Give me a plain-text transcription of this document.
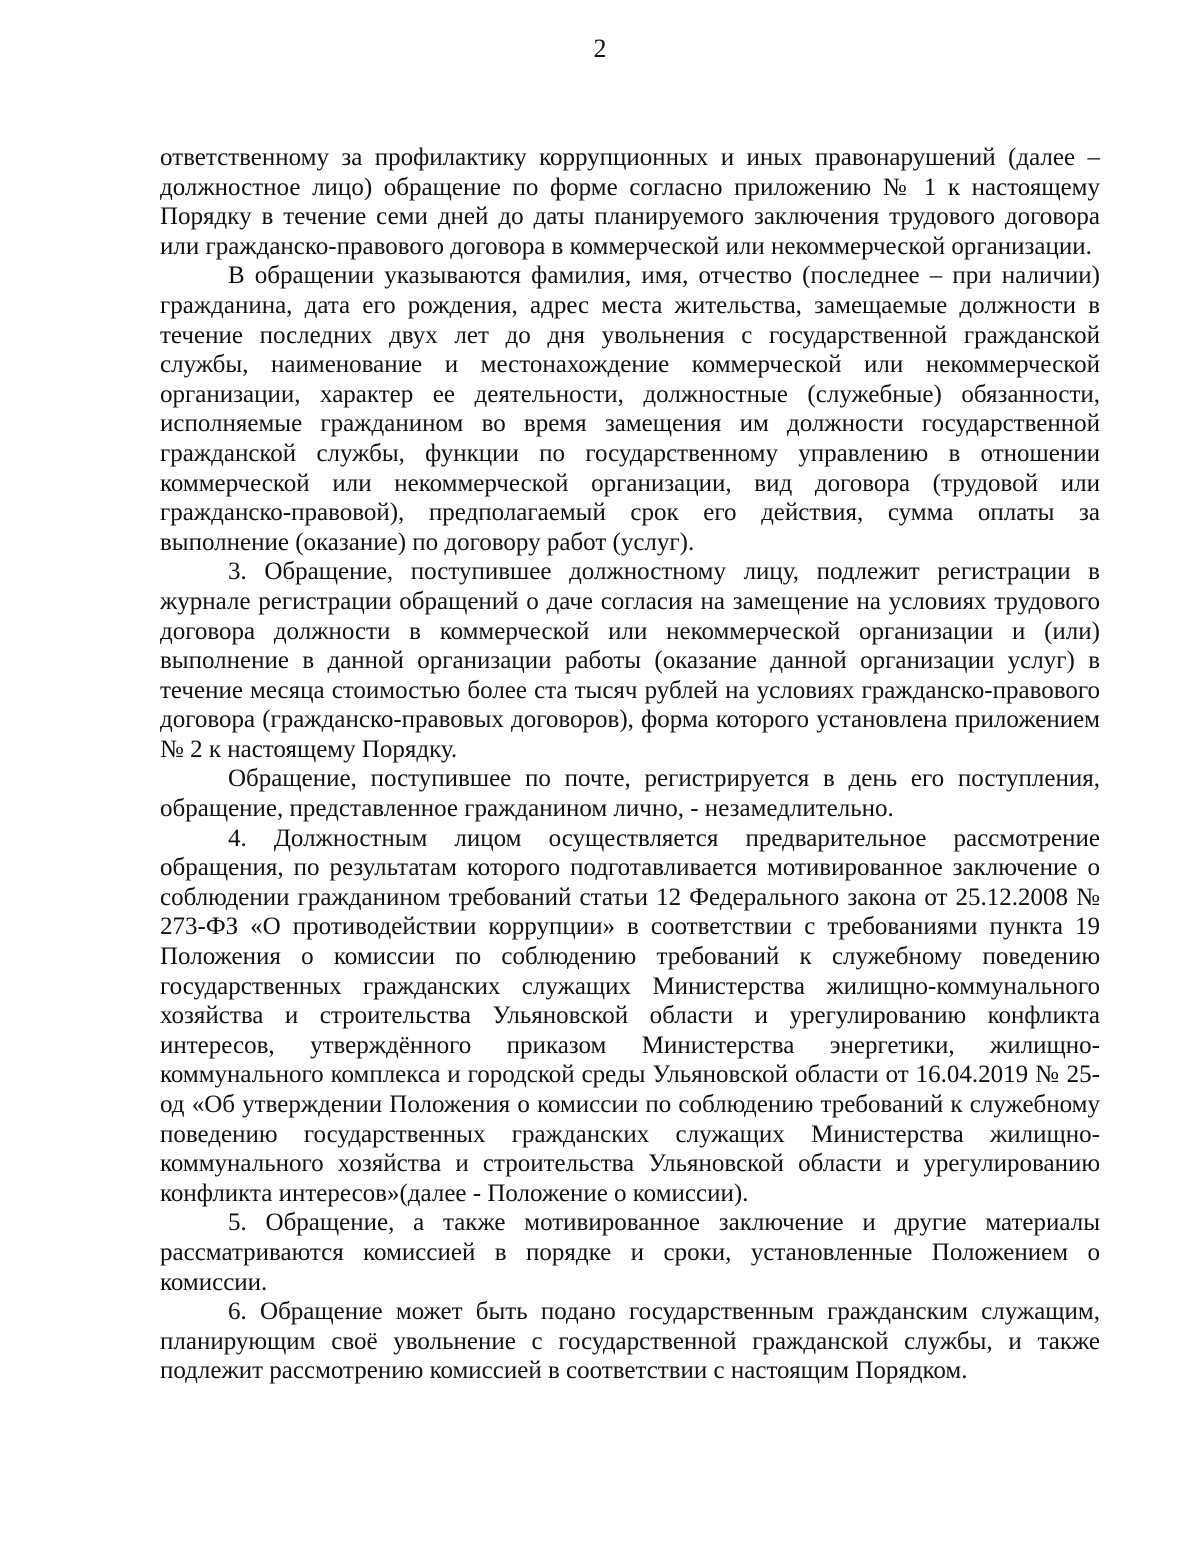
2

ответственному за профилактику коррупционных и иных правонарушений (далее – должностное лицо) обращение по форме согласно приложению № 1 к настоящему Порядку в течение семи дней до даты планируемого заключения трудового договора или гражданско-правового договора в коммерческой или некоммерческой организации.

В обращении указываются фамилия, имя, отчество (последнее – при наличии) гражданина, дата его рождения, адрес места жительства, замещаемые должности в течение последних двух лет до дня увольнения с государственной гражданской службы, наименование и местонахождение коммерческой или некоммерческой организации, характер ее деятельности, должностные (служебные) обязанности, исполняемые гражданином во время замещения им должности государственной гражданской службы, функции по государственному управлению в отношении коммерческой или некоммерческой организации, вид договора (трудовой или гражданско-правовой), предполагаемый срок его действия, сумма оплаты за выполнение (оказание) по договору работ (услуг).

3. Обращение, поступившее должностному лицу, подлежит регистрации в журнале регистрации обращений о даче согласия на замещение на условиях трудового договора должности в коммерческой или некоммерческой организации и (или) выполнение в данной организации работы (оказание данной организации услуг) в течение месяца стоимостью более ста тысяч рублей на условиях гражданско-правового договора (гражданско-правовых договоров), форма которого установлена приложением № 2 к настоящему Порядку.

Обращение, поступившее по почте, регистрируется в день его поступления, обращение, представленное гражданином лично, - незамедлительно.

4. Должностным лицом осуществляется предварительное рассмотрение обращения, по результатам которого подготавливается мотивированное заключение о соблюдении гражданином требований статьи 12 Федерального закона от 25.12.2008 № 273-ФЗ «О противодействии коррупции» в соответствии с требованиями пункта 19 Положения о комиссии по соблюдению требований к служебному поведению государственных гражданских служащих Министерства жилищно-коммунального хозяйства и строительства Ульяновской области и урегулированию конфликта интересов, утверждённого приказом Министерства энергетики, жилищно-коммунального комплекса и городской среды Ульяновской области от 16.04.2019 № 25-од «Об утверждении Положения о комиссии по соблюдению требований к служебному поведению государственных гражданских служащих Министерства жилищно-коммунального хозяйства и строительства Ульяновской области и урегулированию конфликта интересов»(далее - Положение о комиссии).

5. Обращение, а также мотивированное заключение и другие материалы рассматриваются комиссией в порядке и сроки, установленные Положением о комиссии.

6. Обращение может быть подано государственным гражданским служащим, планирующим своё увольнение с государственной гражданской службы, и также подлежит рассмотрению комиссией в соответствии с настоящим Порядком.
